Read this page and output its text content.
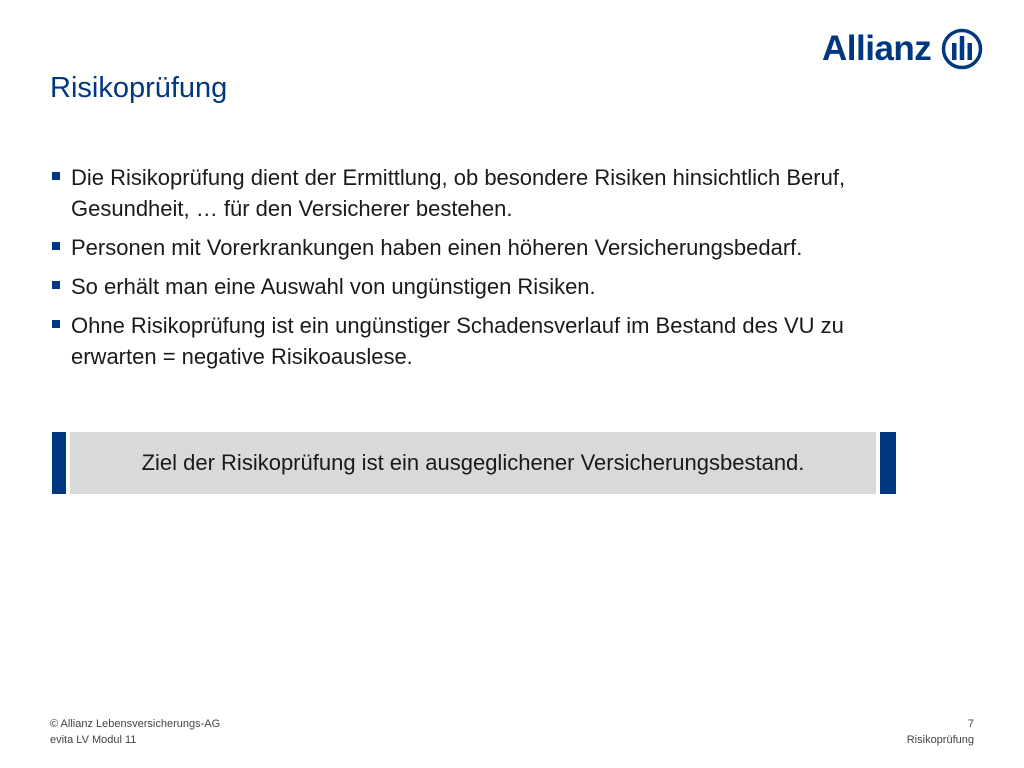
Allianz
Risikoprüfung
Die Risikoprüfung dient der Ermittlung, ob besondere Risiken hinsichtlich Beruf, Gesundheit, … für den Versicherer bestehen.
Personen mit Vorerkrankungen haben einen höheren Versicherungsbedarf.
So erhält man eine Auswahl von ungünstigen Risiken.
Ohne Risikoprüfung ist ein ungünstiger Schadensverlauf im Bestand des VU zu erwarten = negative Risikoauslese.
Ziel der Risikoprüfung ist ein ausgeglichener Versicherungsbestand.
© Allianz Lebensversicherungs-AG
evita LV Modul 11
7
Risikoprüfung
